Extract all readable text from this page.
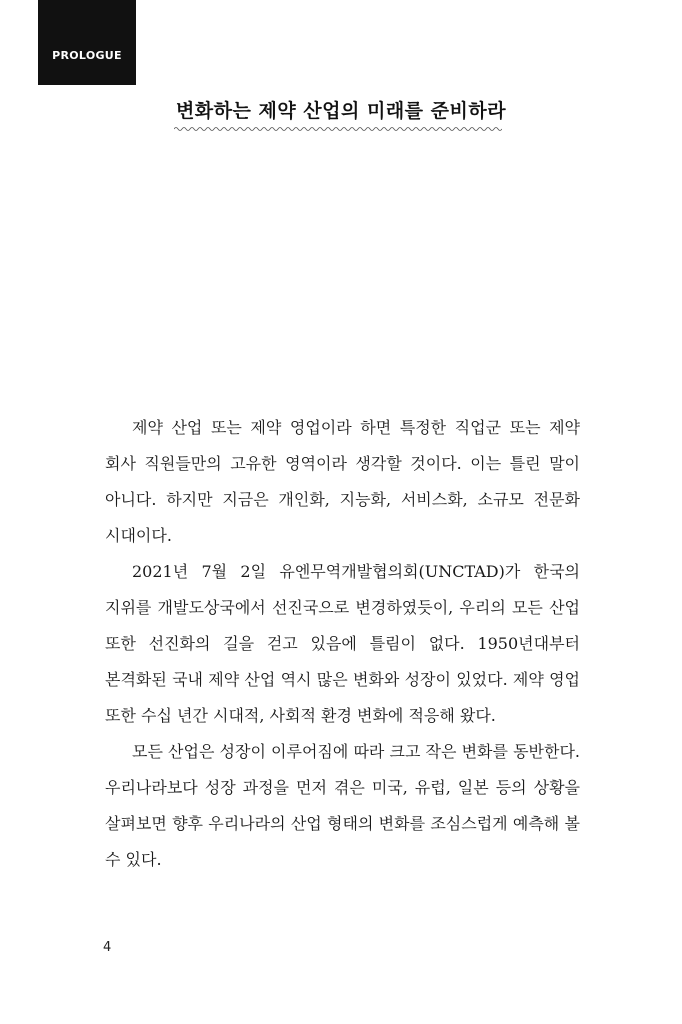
PROLOGUE
변화하는 제약 산업의 미래를 준비하라

제약 산업 또는 제약 영업이라 하면 특정한 직업군 또는 제약 회사 직원들만의 고유한 영역이라 생각할 것이다. 이는 틀린 말이 아니다. 하지만 지금은 개인화, 지능화, 서비스화, 소규모 전문화 시대이다.

2021년 7월 2일 유엔무역개발협의회(UNCTAD)가 한국의 지위를 개발도상국에서 선진국으로 변경하였듯이, 우리의 모든 산업 또한 선진화의 길을 걷고 있음에 틀림이 없다. 1950년대부터 본격화된 국내 제약 산업 역시 많은 변화와 성장이 있었다. 제약 영업 또한 수십 년간 시대적, 사회적 환경 변화에 적응해 왔다.

모든 산업은 성장이 이루어짐에 따라 크고 작은 변화를 동반한다. 우리나라보다 성장 과정을 먼저 겪은 미국, 유럽, 일본 등의 상황을 살펴보면 향후 우리나라의 산업 형태의 변화를 조심스럽게 예측해 볼 수 있다.

4
